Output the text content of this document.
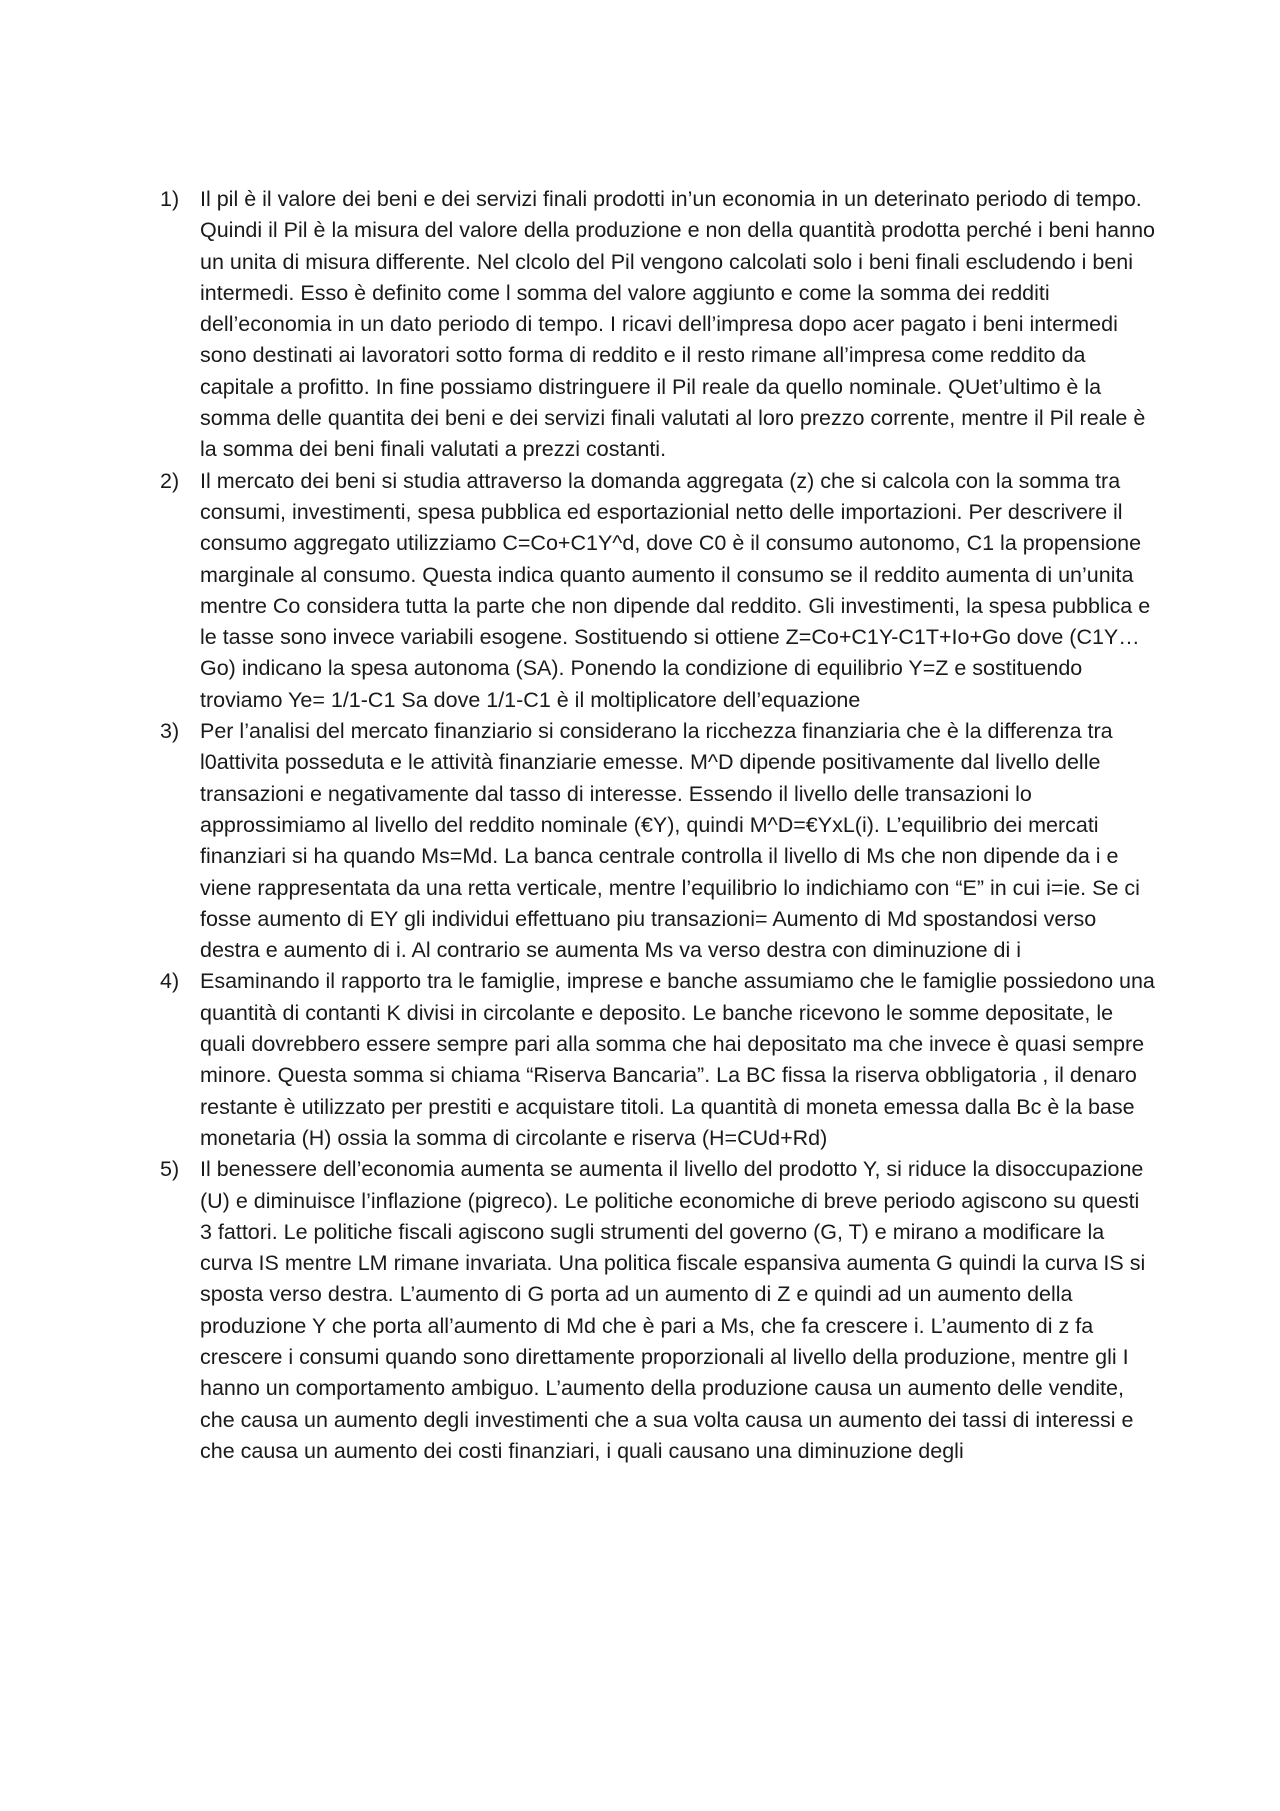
1) Il pil è il valore dei beni e dei servizi finali prodotti in’un economia in un deterinato periodo di tempo. Quindi il Pil è la misura del valore della produzione e non della quantità prodotta perché i beni hanno un unita di misura differente. Nel clcolo del Pil vengono calcolati solo i beni finali escludendo i beni intermedi. Esso è definito come l somma del valore aggiunto e come la somma dei redditi dell’economia in un dato periodo di tempo. I ricavi dell’impresa dopo acer pagato i beni intermedi sono destinati ai lavoratori sotto forma di reddito e il resto rimane all’impresa come reddito da capitale a profitto. In fine possiamo distringuere il Pil reale da quello nominale. QUet’ultimo è la somma delle quantita dei beni e dei servizi finali valutati al loro prezzo corrente, mentre il Pil reale è la somma dei beni finali valutati a prezzi costanti.
2) Il mercato dei beni si studia attraverso la domanda aggregata (z) che si calcola con la somma tra consumi, investimenti, spesa pubblica ed esportazionial netto delle importazioni. Per descrivere il consumo aggregato utilizziamo C=Co+C1Y^d, dove C0 è il consumo autonomo, C1 la propensione marginale al consumo. Questa indica quanto aumento il consumo se il reddito aumenta di un’unita mentre Co considera tutta la parte che non dipende dal reddito. Gli investimenti, la spesa pubblica e le tasse sono invece variabili esogene. Sostituendo si ottiene Z=Co+C1Y-C1T+Io+Go dove (C1Y…Go) indicano la spesa autonoma (SA). Ponendo la condizione di equilibrio Y=Z e sostituendo troviamo Ye= 1/1-C1 Sa dove 1/1-C1 è il moltiplicatore dell’equazione
3) Per l’analisi del mercato finanziario si considerano la ricchezza finanziaria che è la differenza tra l0attivita posseduta e le attività finanziarie emesse. M^D dipende positivamente dal livello delle transazioni e negativamente dal tasso di interesse. Essendo il livello delle transazioni lo approssimiamo al livello del reddito nominale (€Y), quindi M^D=€YxL(i). L’equilibrio dei mercati finanziari si ha quando Ms=Md. La banca centrale controlla il livello di Ms che non dipende da i e viene rappresentata da una retta verticale, mentre l’equilibrio lo indichiamo con “E” in cui i=ie. Se ci fosse aumento di EY gli individui effettuano piu transazioni= Aumento di Md spostandosi verso destra e aumento di i. Al contrario se aumenta Ms va verso destra con diminuzione di i
4) Esaminando il rapporto tra le famiglie, imprese e banche assumiamo che le famiglie possiedono una quantità di contanti K divisi in circolante e deposito. Le banche ricevono le somme depositate, le quali dovrebbero essere sempre pari alla somma che hai depositato ma che invece è quasi sempre minore. Questa somma si chiama “Riserva Bancaria”. La BC fissa la riserva obbligatoria , il denaro restante è utilizzato per prestiti e acquistare titoli. La quantità di moneta emessa dalla Bc è la base monetaria (H) ossia la somma di circolante e riserva (H=CUd+Rd)
5) Il benessere dell’economia aumenta se aumenta il livello del prodotto Y, si riduce la disoccupazione (U) e diminuisce l’inflazione (pigreco). Le politiche economiche di breve periodo agiscono su questi 3 fattori. Le politiche fiscali agiscono sugli strumenti del governo (G, T) e mirano a modificare la curva IS mentre LM rimane invariata. Una politica fiscale espansiva aumenta G quindi la curva IS si sposta verso destra. L’aumento di G porta ad un aumento di Z e quindi ad un aumento della produzione Y che porta all’aumento di Md che è pari a Ms, che fa crescere i. L’aumento di z fa crescere i consumi quando sono direttamente proporzionali al livello della produzione, mentre gli I hanno un comportamento ambiguo. L’aumento della produzione causa un aumento delle vendite, che causa un aumento degli investimenti che a sua volta causa un aumento dei tassi di interessi e che causa un aumento dei costi finanziari, i quali causano una diminuzione degli
